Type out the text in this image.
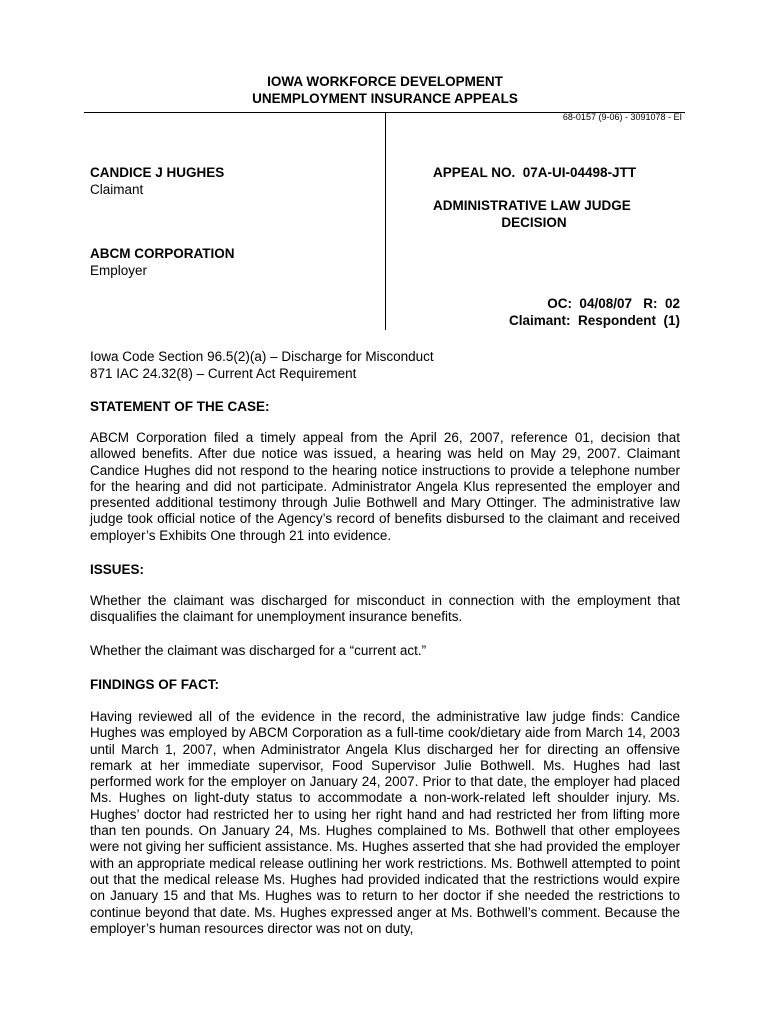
IOWA WORKFORCE DEVELOPMENT
UNEMPLOYMENT INSURANCE APPEALS
68-0157 (9-06) - 3091078 - EI
CANDICE J HUGHES
Claimant
ABCM CORPORATION
Employer
APPEAL NO.  07A-UI-04498-JTT
ADMINISTRATIVE LAW JUDGE
DECISION
OC:  04/08/07   R:  02
Claimant:  Respondent  (1)
Iowa Code Section 96.5(2)(a) – Discharge for Misconduct
871 IAC 24.32(8) – Current Act Requirement
STATEMENT OF THE CASE:
ABCM Corporation filed a timely appeal from the April 26, 2007, reference 01, decision that allowed benefits. After due notice was issued, a hearing was held on May 29, 2007. Claimant Candice Hughes did not respond to the hearing notice instructions to provide a telephone number for the hearing and did not participate. Administrator Angela Klus represented the employer and presented additional testimony through Julie Bothwell and Mary Ottinger. The administrative law judge took official notice of the Agency’s record of benefits disbursed to the claimant and received employer’s Exhibits One through 21 into evidence.
ISSUES:
Whether the claimant was discharged for misconduct in connection with the employment that disqualifies the claimant for unemployment insurance benefits.
Whether the claimant was discharged for a “current act.”
FINDINGS OF FACT:
Having reviewed all of the evidence in the record, the administrative law judge finds: Candice Hughes was employed by ABCM Corporation as a full-time cook/dietary aide from March 14, 2003 until March 1, 2007, when Administrator Angela Klus discharged her for directing an offensive remark at her immediate supervisor, Food Supervisor Julie Bothwell. Ms. Hughes had last performed work for the employer on January 24, 2007. Prior to that date, the employer had placed Ms. Hughes on light-duty status to accommodate a non-work-related left shoulder injury. Ms. Hughes’ doctor had restricted her to using her right hand and had restricted her from lifting more than ten pounds. On January 24, Ms. Hughes complained to Ms. Bothwell that other employees were not giving her sufficient assistance. Ms. Hughes asserted that she had provided the employer with an appropriate medical release outlining her work restrictions. Ms. Bothwell attempted to point out that the medical release Ms. Hughes had provided indicated that the restrictions would expire on January 15 and that Ms. Hughes was to return to her doctor if she needed the restrictions to continue beyond that date. Ms. Hughes expressed anger at Ms. Bothwell’s comment. Because the employer’s human resources director was not on duty,
